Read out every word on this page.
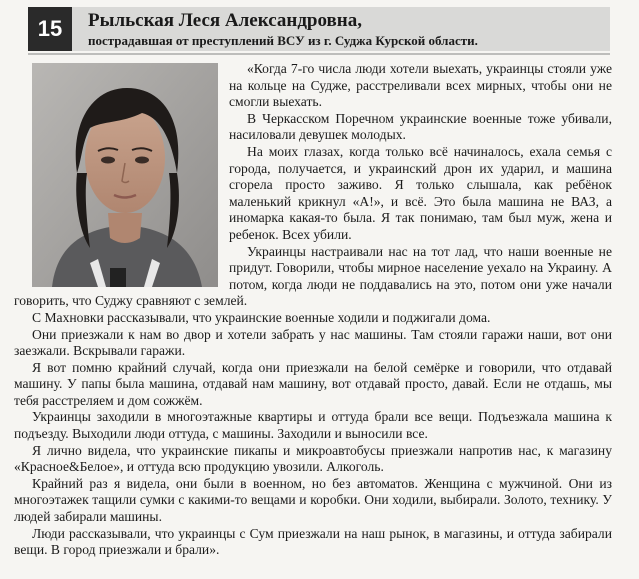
15	Рыльская Леся Александровна,
пострадавшая от преступлений ВСУ из г. Суджа Курской области.

«Когда 7-го числа люди хотели выехать, украинцы стояли уже на кольце на Судже, расстреливали всех мирных, чтобы они не смогли выехать.

В Черкасском Поречном украинские военные тоже убивали, насиловали девушек молодых.

На моих глазах, когда только всё начиналось, ехала семья с города, получается, и украинский дрон их ударил, и машина сгорела просто заживо. Я только слышала, как ребёнок маленький крикнул «А!», и всё. Это была машина не ВАЗ, а иномарка какая-то была. Я так понимаю, там был муж, жена и ребенок. Всех убили.

Украинцы настраивали нас на тот лад, что наши военные не придут. Говорили, чтобы мирное население уехало на Украину. А потом, когда люди не поддавались на это, потом они уже начали говорить, что Суджу сравняют с землей.

С Махновки рассказывали, что украинские военные ходили и поджигали дома.

Они приезжали к нам во двор и хотели забрать у нас машины. Там стояли гаражи наши, вот они заезжали. Вскрывали гаражи.

Я вот помню крайний случай, когда они приезжали на белой семёрке и говорили, что отдавай машину. У папы была машина, отдавай нам машину, вот отдавай просто, давай. Если не отдашь, мы тебя расстреляем и дом сожжём.

Украинцы заходили в многоэтажные квартиры и оттуда брали все вещи. Подъезжала машина к подъезду. Выходили люди оттуда, с машины. Заходили и выносили все.

Я лично видела, что украинские пикапы и микроавтобусы приезжали напротив нас, к магазину «Красное&Белое», и оттуда всю продукцию увозили. Алкоголь.

Крайний раз я видела, они были в военном, но без автоматов. Женщина с мужчиной. Они из многоэтажек тащили сумки с какими-то вещами и коробки. Они ходили, выбирали. Золото, технику. У людей забирали машины.

Люди рассказывали, что украинцы с Сум приезжали на наш рынок, в магазины, и оттуда забирали вещи. В город приезжали и брали».
